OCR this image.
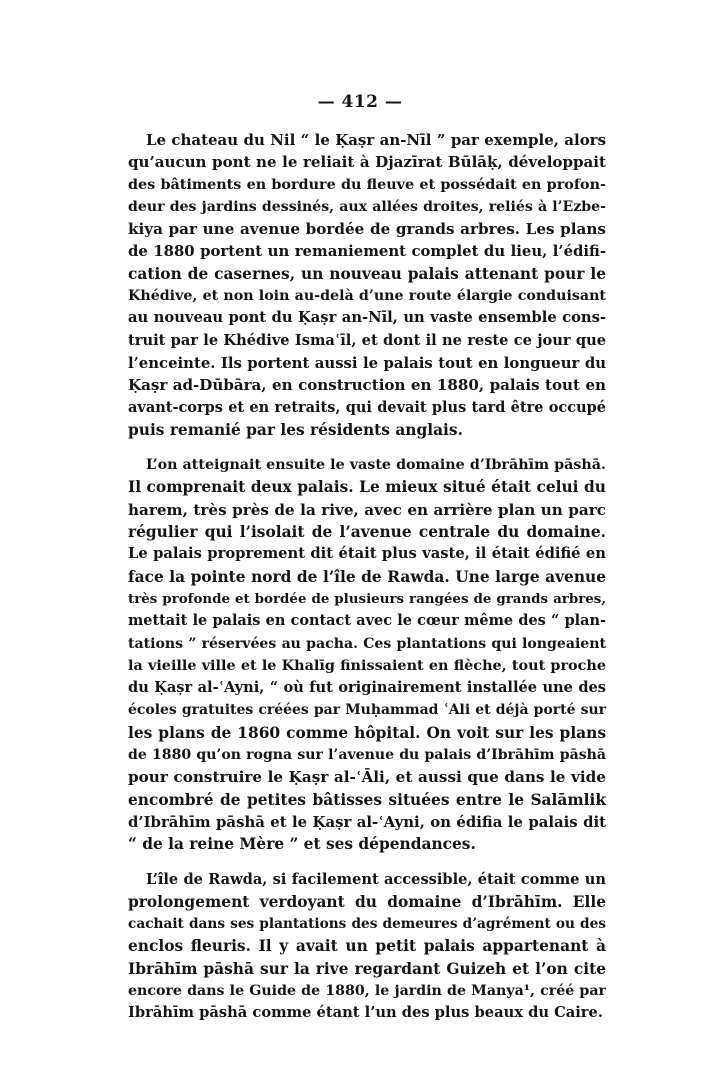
— 412 —
Le chateau du Nil “ le Ḳaṣr an-Nīl ” par exemple, alors
qu’aucun pont ne le reliait à Djazīrat Būlāḳ, développait
des bâtiments en bordure du fleuve et possédait en profon-
deur des jardins dessinés, aux allées droites, reliés à l’Ezbe-
kiya par une avenue bordée de grands arbres. Les plans
de 1880 portent un remaniement complet du lieu, l’édifi-
cation de casernes, un nouveau palais attenant pour le
Khédive, et non loin au-delà d’une route élargie conduisant
au nouveau pont du Ḳaṣr an-Nīl, un vaste ensemble cons-
truit par le Khédive Ismaʿīl, et dont il ne reste ce jour que
l’enceinte. Ils portent aussi le palais tout en longueur du
Ḳaṣr ad-Dūbāra, en construction en 1880, palais tout en
avant-corps et en retraits, qui devait plus tard être occupé
puis remanié par les résidents anglais.
L’on atteignait ensuite le vaste domaine d’Ibrāhīm pāshā.
Il comprenait deux palais. Le mieux situé était celui du
harem, très près de la rive, avec en arrière plan un parc
régulier qui l’isolait de l’avenue centrale du domaine.
Le palais proprement dit était plus vaste, il était édifié en
face la pointe nord de l’île de Rawda. Une large avenue
très profonde et bordée de plusieurs rangées de grands arbres,
mettait le palais en contact avec le cœur même des “ plan-
tations ” réservées au pacha. Ces plantations qui longeaient
la vieille ville et le Khalīg finissaient en flèche, tout proche
du Ḳaṣr al-ʿAyni, “ où fut originairement installée une des
écoles gratuites créées par Muḥammad ʿAli et déjà porté sur
les plans de 1860 comme hôpital. On voit sur les plans
de 1880 qu’on rogna sur l’avenue du palais d’Ibrāhīm pāshā
pour construire le Ḳaṣr al-ʿĀli, et aussi que dans le vide
encombré de petites bâtisses situées entre le Salāmlik
d’Ibrāhīm pāshā et le Ḳaṣr al-ʿAyni, on édifia le palais dit
“ de la reine Mère ” et ses dépendances.
L’île de Rawda, si facilement accessible, était comme un
prolongement verdoyant du domaine d’Ibrāhīm. Elle
cachait dans ses plantations des demeures d’agrément ou des
enclos fleuris. Il y avait un petit palais appartenant à
Ibrāhīm pāshā sur la rive regardant Guizeh et l’on cite
encore dans le Guide de 1880, le jardin de Manya¹, créé par
Ibrāhīm pāshā comme étant l’un des plus beaux du Caire.
